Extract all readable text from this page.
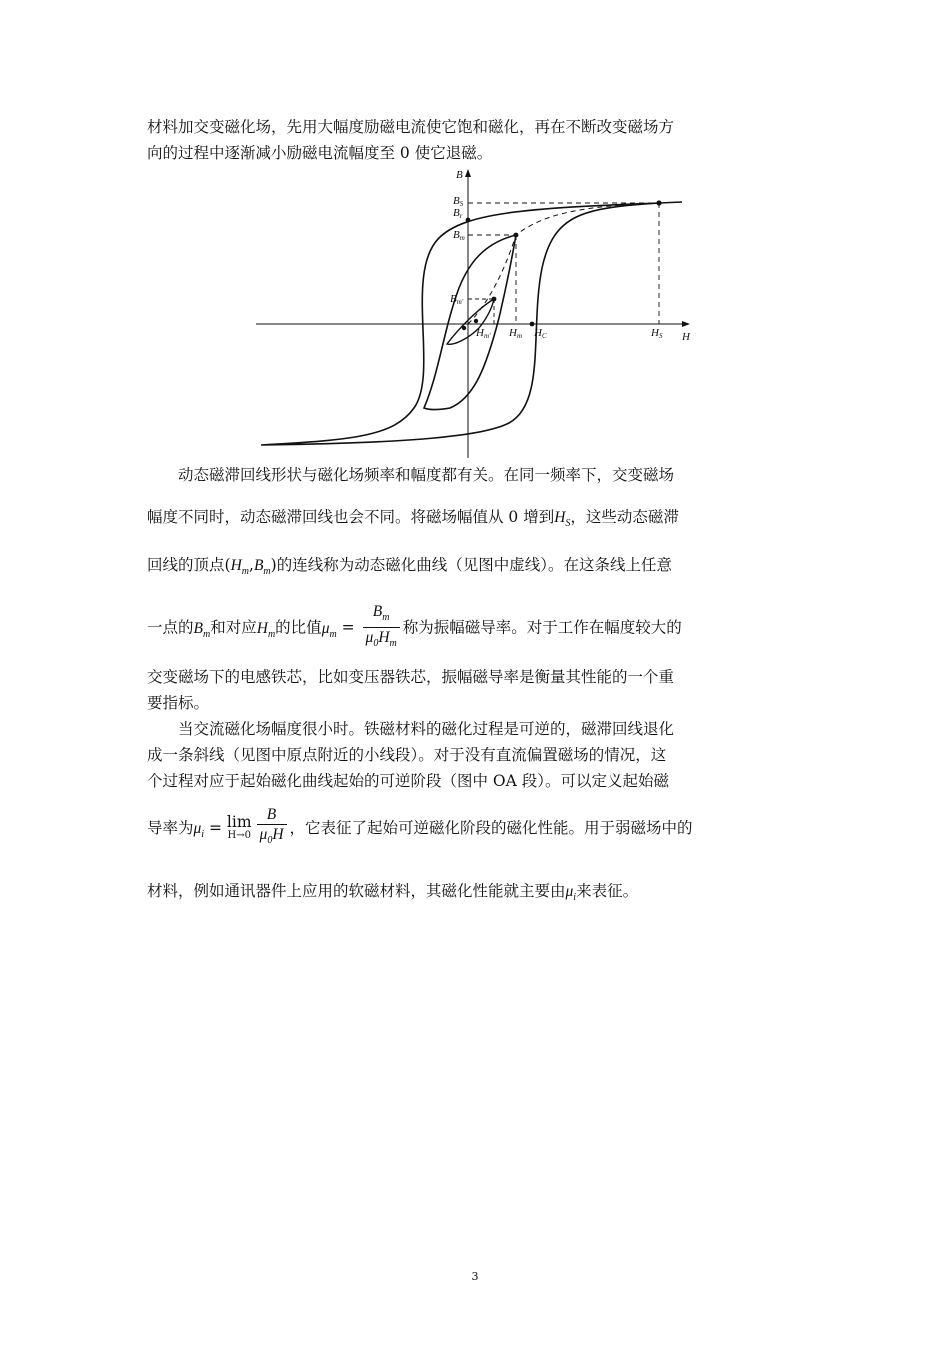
材料加交变磁化场，先用大幅度励磁电流使它饱和磁化，再在不断改变磁场方
向的过程中逐渐减小励磁电流幅度至 0 使它退磁。
B
H
BS
Br
Bm
Bm'
Hm' Hm HC	HS
动态磁滞回线形状与磁化场频率和幅度都有关。在同一频率下，交变磁场
幅度不同时，动态磁滞回线也会不同。将磁场幅值从 0 增到$H_S$，这些动态磁滞
回线的顶点$(H_m,B_m)$的连线称为动态磁化曲线（见图中虚线）。在这条线上任意
一点的$B_m$和对应$H_m$的比值$\mu_m = \frac{B_m}{\mu_0H_m}$ 称为振幅磁导率。对于工作在幅度较大的
交变磁场下的电感铁芯，比如变压器铁芯，振幅磁导率是衡量其性能的一个重
要指标。
当交流磁化场幅度很小时。铁磁材料的磁化过程是可逆的，磁滞回线退化
成一条斜线（见图中原点附近的小线段）。对于没有直流偏置磁场的情况，这
个过程对应于起始磁化曲线起始的可逆阶段（图中 OA 段）。可以定义起始磁
导率为$\mu_i = \lim$
$H\to 0 \frac{B}{\mu_0H}$ ，它表征了起始可逆磁化阶段的磁化性能。用于弱磁场中的
材料，例如通讯器件上应用的软磁材料，其磁化性能就主要由$\mu_i$来表征。
3
